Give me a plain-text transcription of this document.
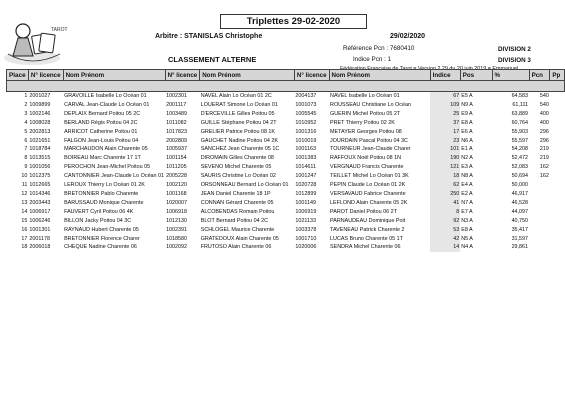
TAROT
Triplettes 29-02-2020
Arbitre : STANISLAS Christophe	29/02/2020
Référence Pcn : 7680410
CLASSEMENT ALTERNE	Indice Pcn : 1
DIVISION 2
DIVISION 3
Place	N° licence	Nom Prénom	N° licence	Nom Prénom	N° licence	Nom Prénom	Indice	Pos	%	Pcn	Pp

1	2001027	GRAVOILLE Isabelle Lo Océan 01	1002301	NAVEL Alain Lo Océan 01 2C	2004137	NAVEL Isabelle Lo Océan 01	67	E5 A	64,583	540	
2	1009899	CARVAL Jean-Claude Lo Océan 01	2001117	LOUERAT Simone Lo Océan 01	1001073	ROUSSEAU Christiane Lo Océan	109	N9 A	61,111	540	
3	1002146	DEPLAIX Bernard Poitou 05 2C	1003489	D'ERCEVILLE Gilles Poitou 05	1005545	GUERIN Michel Poitou 05 2T	25	E9 A	63,889	400	
4	1008028	BERLAND Régis Poitou 04 2C	1011082	GUILLE Stéphane Poitou 04 2T	1010952	PRET Thierry Poitou 02 2K	37	E8 A	60,764	400	
5	2002813	ARRICOT Catherine Poitou 01	1017823	GRELIER Patrice Poitou 08 1K	1001316	METAYER Georges Poitou 08	17	E6 A	55,903	296	
6	1021651	FALGON Jean-Louis Poitou 04	2002809	GAUCHET Nadine Poitou 04 2K	1010019	JOURDAIN Pascal Poitou 04 3C	23	N6 A	55,597	296	
7	1018784	MARCHAUDON Alain Charente 05	1005937	SANCHEZ Jean Charente 05 1C	1001163	TOURNEUR Jean-Claude Charer	101	E1 A	54,208	219	
8	1013515	BOIREAU Marc Charente 17 1T	1001154	DIROMAIN Gilles Charente 08	1001383	RAFFOUX Noël Poitou 08 1N	190	N2 A	52,472	219	
9	1001056	PEROCHON Jean-Michel Poitou 05	1011205	SEVENO Michel Charente 05	1014611	VERGNAUD Francis Charente	121	E3 A	52,083	162	
10	1012375	CANTONNIER Jean-Claude Lo Océan 01	2005228	SAURIS Christine Lo Océan 02	1001247	TEILLET Michel Lo Océan 01 3K	18	N8 A	50,694	162	
11	1012665	LEROUX Thierry Lo Océan 01 2K	1002120	ORSONNEAU Bernard Lo Océan 01	1020728	PEPIN Claude Lo Océan 01 2K	62	E4 A	50,000		
12	1014346	BRETONNIER Pablo Charente	1001168	JEAN Daniel Charente 18 1P	1012899	VERSAVAUD Fabrice Charente	250	E2 A	46,917		
13	2003443	BARUSSAUD Monique Charente	1020007	CONNAN Gérard Charente 05	1001149	LEFLOND Alain Charente 05 2K	41	N7 A	46,528		
14	1006917	FAUVERT Cyril Poitou 06 4K	1006918	ALCOBENDAS Romain Poitou	1006919	PAROT Daniel Poitou 06 2T	8	E7 A	44,097		
15	1006246	BILLON Jacky Poitou 04 3C	1012130	BLOT Bernard Poitou 04 2C	1021133	PARNAUDEAU Dominique Poit	92	N3 A	40,750		
16	1001301	RAYNAUD Hubert Charente 05	1002391	SCHLOGEL Maurice Charente	1003378	TAVENEAU Patrick Charente 2	53	E8 A	35,417		
17	2001178	BRETONNIER Florence Charer	1018580	GRATEDOUX Alain Charente 05	1001710	LUCAS Bruno Charente 05 1T	42	N5 A	31,597		
18	2006018	CHEQUE Nadine Charente 06	1002092	FRUTOSO Alain Charente 06	1020006	SENDRA Michel Charente 06	14	N4 A	29,861		
